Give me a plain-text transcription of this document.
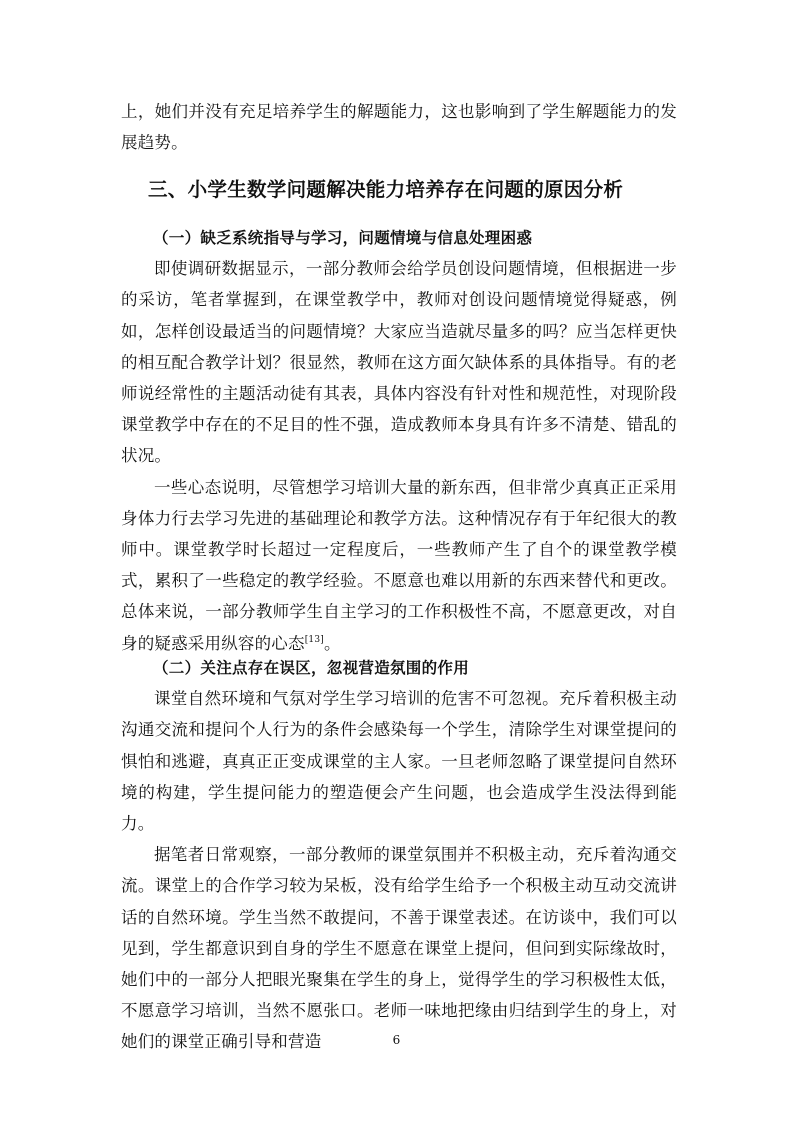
上，她们并没有充足培养学生的解题能力，这也影响到了学生解题能力的发展趋势。

三、小学生数学问题解决能力培养存在问题的原因分析

（一）缺乏系统指导与学习，问题情境与信息处理困惑

即使调研数据显示，一部分教师会给学员创设问题情境，但根据进一步的采访，笔者掌握到，在课堂教学中，教师对创设问题情境觉得疑惑，例如，怎样创设最适当的问题情境？大家应当造就尽量多的吗？应当怎样更快的相互配合教学计划？很显然，教师在这方面欠缺体系的具体指导。有的老师说经常性的主题活动徒有其表，具体内容没有针对性和规范性，对现阶段课堂教学中存在的不足目的性不强，造成教师本身具有许多不清楚、错乱的状况。

一些心态说明，尽管想学习培训大量的新东西，但非常少真真正正采用身体力行去学习先进的基础理论和教学方法。这种情况存有于年纪很大的教师中。课堂教学时长超过一定程度后，一些教师产生了自个的课堂教学模式，累积了一些稳定的教学经验。不愿意也难以用新的东西来替代和更改。总体来说，一部分教师学生自主学习的工作积极性不高，不愿意更改，对自身的疑惑采用纵容的心态[13]。

（二）关注点存在误区，忽视营造氛围的作用

课堂自然环境和气氛对学生学习培训的危害不可忽视。充斥着积极主动沟通交流和提问个人行为的条件会感染每一个学生，清除学生对课堂提问的惧怕和逃避，真真正正变成课堂的主人家。一旦老师忽略了课堂提问自然环境的构建，学生提问能力的塑造便会产生问题，也会造成学生没法得到能力。

据笔者日常观察，一部分教师的课堂氛围并不积极主动，充斥着沟通交流。课堂上的合作学习较为呆板，没有给学生给予一个积极主动互动交流讲话的自然环境。学生当然不敢提问，不善于课堂表述。在访谈中，我们可以见到，学生都意识到自身的学生不愿意在课堂上提问，但问到实际缘故时，她们中的一部分人把眼光聚集在学生的身上，觉得学生的学习积极性太低，不愿意学习培训，当然不愿张口。老师一味地把缘由归结到学生的身上，对她们的课堂正确引导和营造	6
